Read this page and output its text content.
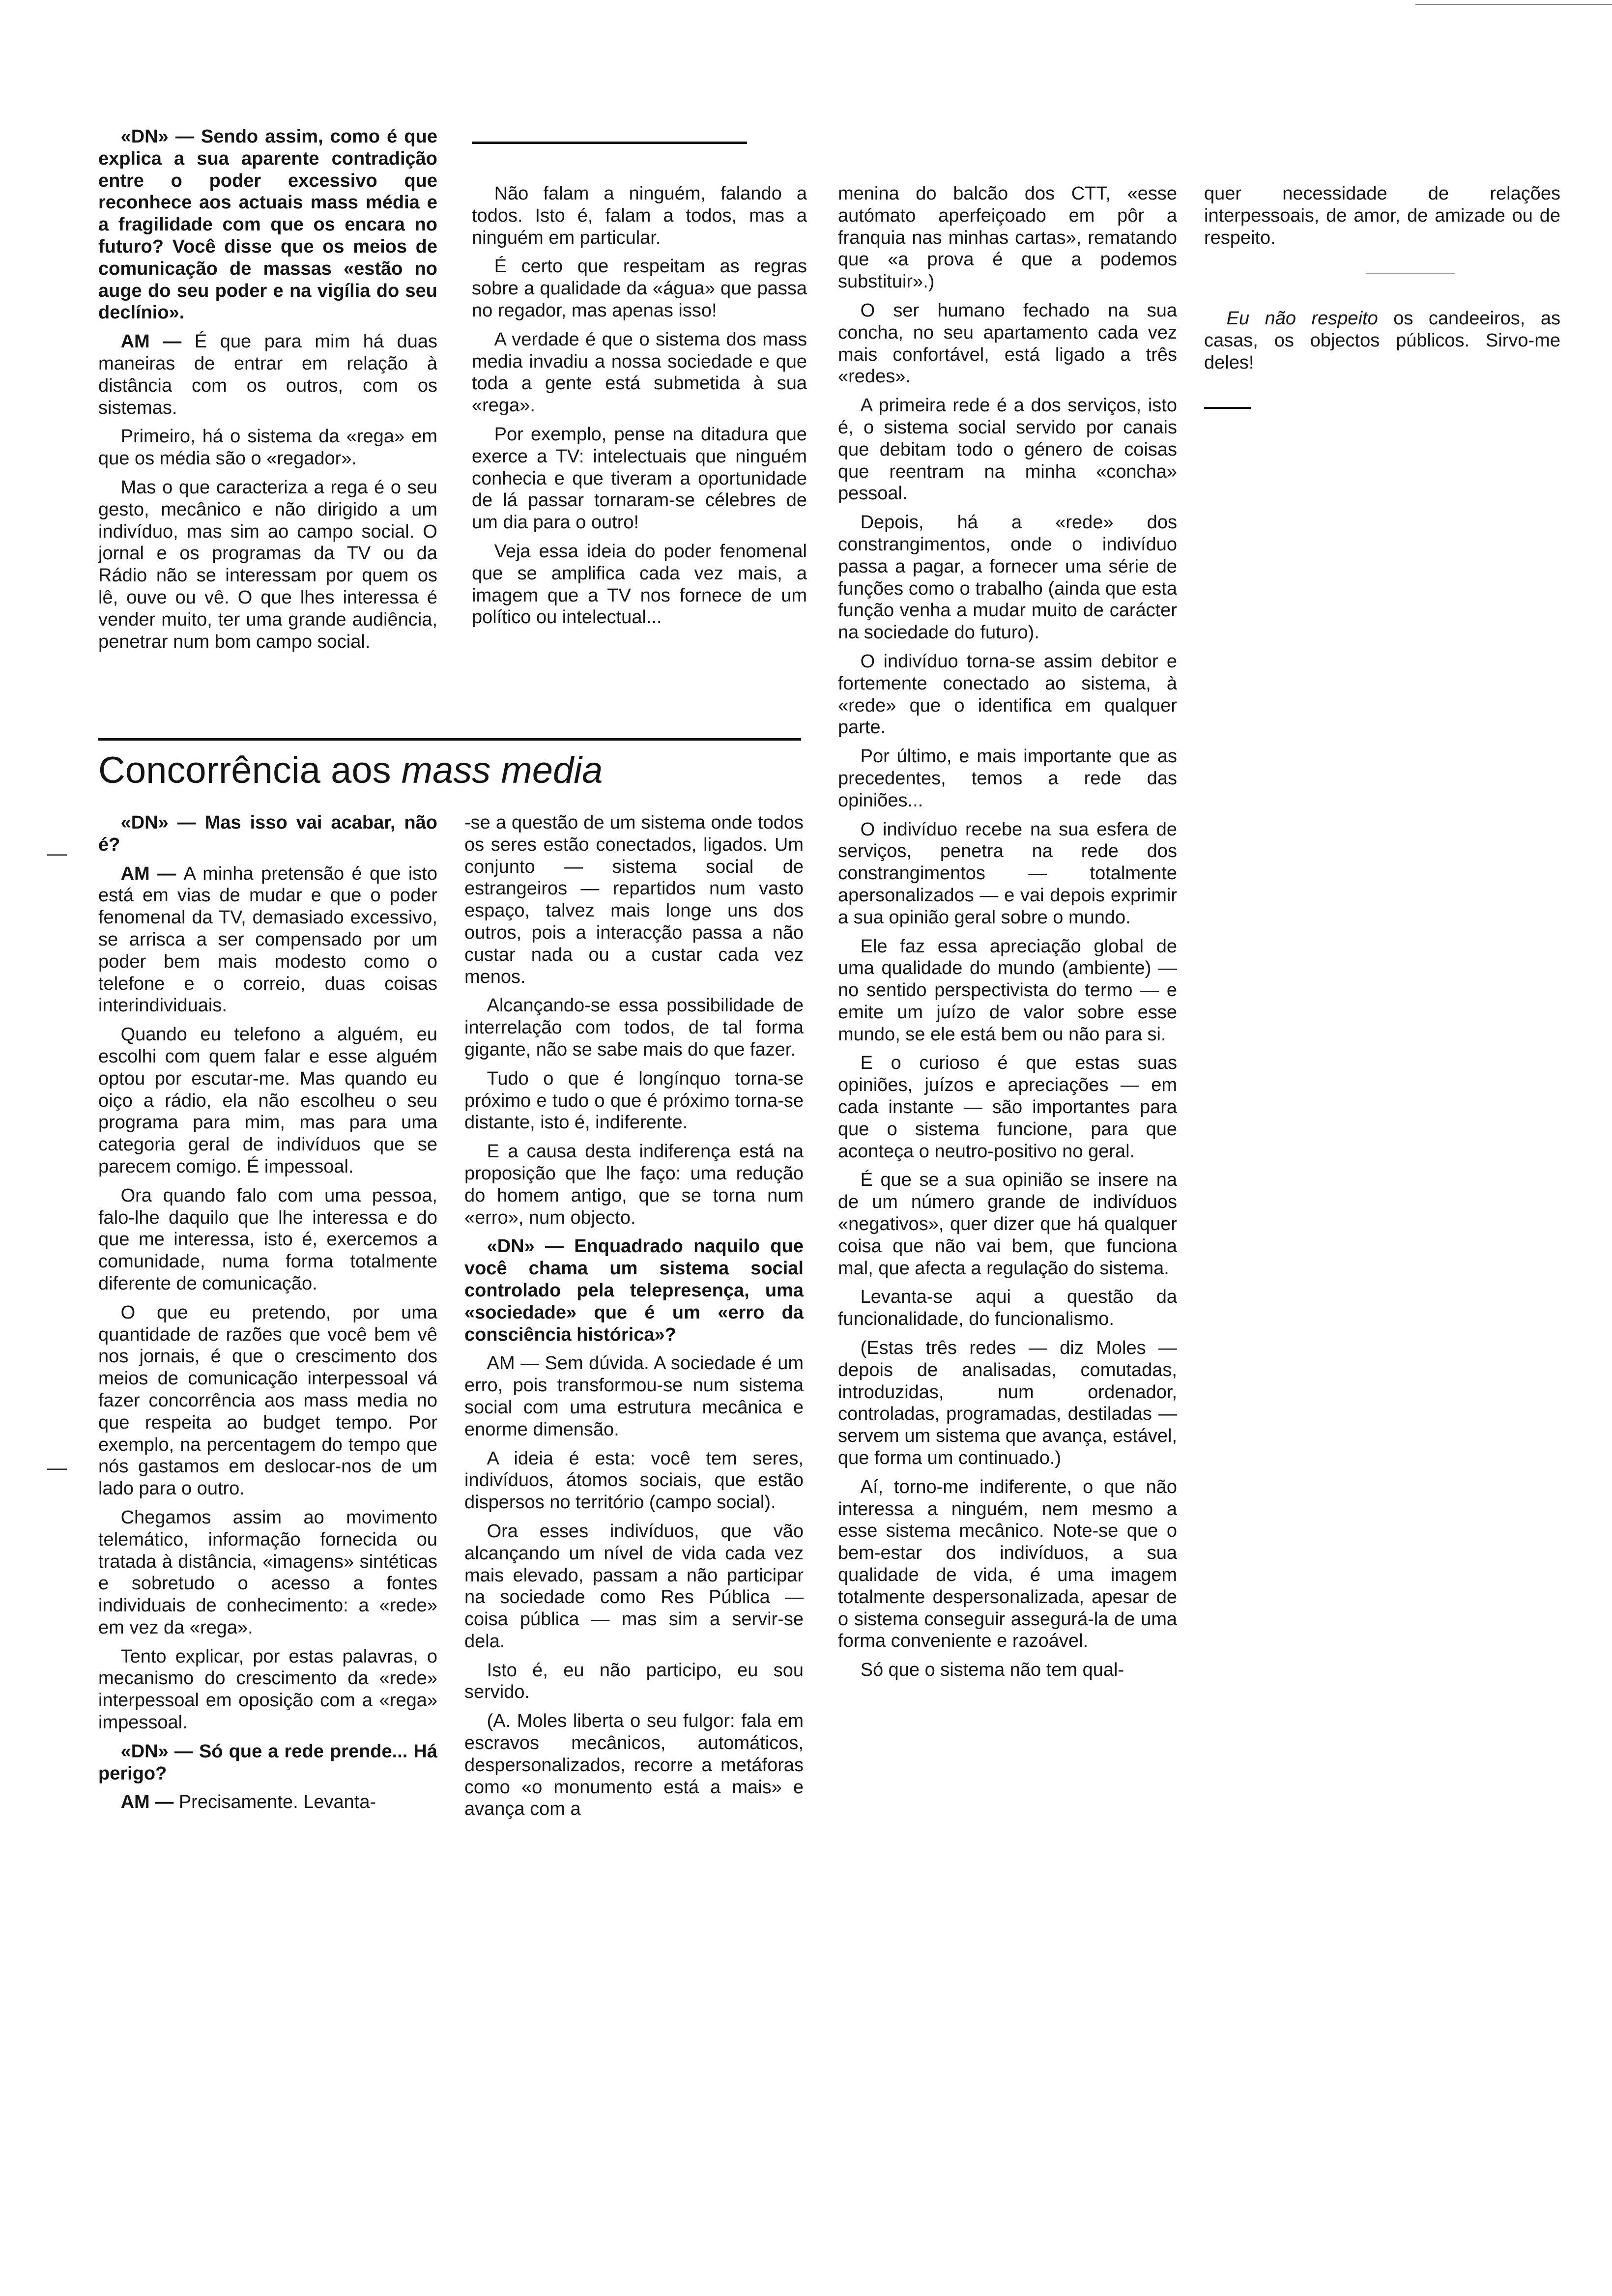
—
—

«DN» — Sendo assim, como é que explica a sua aparente contradição entre o poder excessivo que reconhece aos actuais mass média e a fragilidade com que os encara no futuro? Você disse que os meios de comunicação de massas «estão no auge do seu poder e na vigília do seu declínio».

AM — É que para mim há duas maneiras de entrar em relação à distância com os outros, com os sistemas.

Primeiro, há o sistema da «rega» em que os média são o «regador».

Mas o que caracteriza a rega é o seu gesto, mecânico e não dirigido a um indivíduo, mas sim ao campo social. O jornal e os programas da TV ou da Rádio não se interessam por quem os lê, ouve ou vê. O que lhes interessa é vender muito, ter uma grande audiência, penetrar num bom campo social.

Não falam a ninguém, falando a todos. Isto é, falam a todos, mas a ninguém em particular.

É certo que respeitam as regras sobre a qualidade da «água» que passa no regador, mas apenas isso!

A verdade é que o sistema dos mass media invadiu a nossa sociedade e que toda a gente está submetida à sua «rega».

Por exemplo, pense na ditadura que exerce a TV: intelectuais que ninguém conhecia e que tiveram a oportunidade de lá passar tornaram-se célebres de um dia para o outro!

Veja essa ideia do poder fenomenal que se amplifica cada vez mais, a imagem que a TV nos fornece de um político ou intelectual...

menina do balcão dos CTT, «esse autómato aperfeiçoado em pôr a franquia nas minhas cartas», rematando que «a prova é que a podemos substituir».)

O ser humano fechado na sua concha, no seu apartamento cada vez mais confortável, está ligado a três «redes».

A primeira rede é a dos serviços, isto é, o sistema social servido por canais que debitam todo o género de coisas que reentram na minha «concha» pessoal.

Depois, há a «rede» dos constrangimentos, onde o indivíduo passa a pagar, a fornecer uma série de funções como o trabalho (ainda que esta função venha a mudar muito de carácter na sociedade do futuro).

O indivíduo torna-se assim debitor e fortemente conectado ao sistema, à «rede» que o identifica em qualquer parte.

Por último, e mais importante que as precedentes, temos a rede das opiniões...

O indivíduo recebe na sua esfera de serviços, penetra na rede dos constrangimentos — totalmente apersonalizados — e vai depois exprimir a sua opinião geral sobre o mundo.

Ele faz essa apreciação global de uma qualidade do mundo (ambiente) — no sentido perspectivista do termo — e emite um juízo de valor sobre esse mundo, se ele está bem ou não para si.

E o curioso é que estas suas opiniões, juízos e apreciações — em cada instante — são importantes para que o sistema funcione, para que aconteça o neutro-positivo no geral.

É que se a sua opinião se insere na de um número grande de indivíduos «negativos», quer dizer que há qualquer coisa que não vai bem, que funciona mal, que afecta a regulação do sistema.

Levanta-se aqui a questão da funcionalidade, do funcionalismo.

(Estas três redes — diz Moles — depois de analisadas, comutadas, introduzidas, num ordenador, controladas, programadas, destiladas — servem um sistema que avança, estável, que forma um continuado.)

Aí, torno-me indiferente, o que não interessa a ninguém, nem mesmo a esse sistema mecânico. Note-se que o bem-estar dos indivíduos, a sua qualidade de vida, é uma imagem totalmente despersonalizada, apesar de o sistema conseguir assegurá-la de uma forma conveniente e razoável.

Só que o sistema não tem qual-

quer necessidade de relações interpessoais, de amor, de amizade ou de respeito.

Eu não respeito os candeeiros, as casas, os objectos públicos. Sirvo-me deles!

Concorrência aos mass media

«DN» — Mas isso vai acabar, não é?

AM — A minha pretensão é que isto está em vias de mudar e que o poder fenomenal da TV, demasiado excessivo, se arrisca a ser compensado por um poder bem mais modesto como o telefone e o correio, duas coisas interindividuais.

Quando eu telefono a alguém, eu escolhi com quem falar e esse alguém optou por escutar-me. Mas quando eu oiço a rádio, ela não escolheu o seu programa para mim, mas para uma categoria geral de indivíduos que se parecem comigo. É impessoal.

Ora quando falo com uma pessoa, falo-lhe daquilo que lhe interessa e do que me interessa, isto é, exercemos a comunidade, numa forma totalmente diferente de comunicação.

O que eu pretendo, por uma quantidade de razões que você bem vê nos jornais, é que o crescimento dos meios de comunicação interpessoal vá fazer concorrência aos mass media no que respeita ao budget tempo. Por exemplo, na percentagem do tempo que nós gastamos em deslocar-nos de um lado para o outro.

Chegamos assim ao movimento telemático, informação fornecida ou tratada à distância, «imagens» sintéticas e sobretudo o acesso a fontes individuais de conhecimento: a «rede» em vez da «rega».

Tento explicar, por estas palavras, o mecanismo do crescimento da «rede» interpessoal em oposição com a «rega» impessoal.

«DN» — Só que a rede prende... Há perigo?

AM — Precisamente. Levanta-

-se a questão de um sistema onde todos os seres estão conectados, ligados. Um conjunto — sistema social de estrangeiros — repartidos num vasto espaço, talvez mais longe uns dos outros, pois a interacção passa a não custar nada ou a custar cada vez menos.

Alcançando-se essa possibilidade de interrelação com todos, de tal forma gigante, não se sabe mais do que fazer.

Tudo o que é longínquo torna-se próximo e tudo o que é próximo torna-se distante, isto é, indiferente.

E a causa desta indiferença está na proposição que lhe faço: uma redução do homem antigo, que se torna num «erro», num objecto.

«DN» — Enquadrado naquilo que você chama um sistema social controlado pela telepresença, uma «sociedade» que é um «erro da consciência histórica»?

AM — Sem dúvida. A sociedade é um erro, pois transformou-se num sistema social com uma estrutura mecânica e enorme dimensão.

A ideia é esta: você tem seres, indivíduos, átomos sociais, que estão dispersos no território (campo social).

Ora esses indivíduos, que vão alcançando um nível de vida cada vez mais elevado, passam a não participar na sociedade como Res Pública — coisa pública — mas sim a servir-se dela.

Isto é, eu não participo, eu sou servido.

(A. Moles liberta o seu fulgor: fala em escravos mecânicos, automáticos, despersonalizados, recorre a metáforas como «o monumento está a mais» e avança com a
